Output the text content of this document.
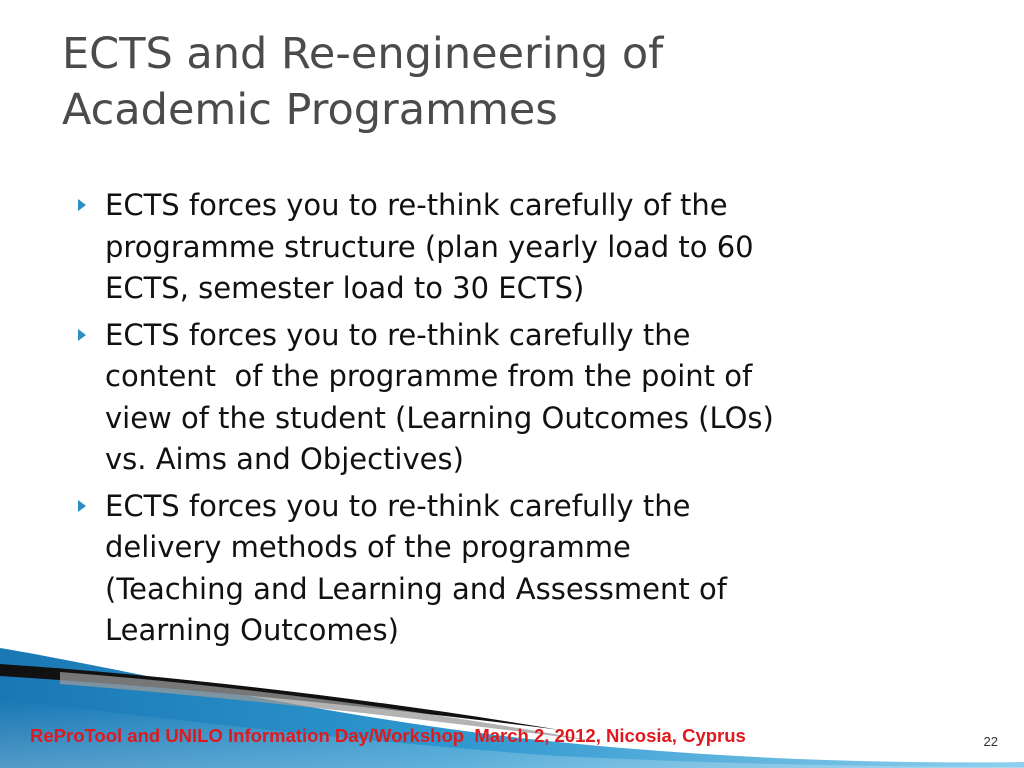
ECTS and Re-engineering of
Academic Programmes
ECTS forces you to re-think carefully of the
programme structure (plan yearly load to 60
ECTS, semester load to 30 ECTS)
ECTS forces you to re-think carefully the
content  of the programme from the point of
view of the student (Learning Outcomes (LOs)
vs. Aims and Objectives)
ECTS forces you to re-think carefully the
delivery methods of the programme
(Teaching and Learning and Assessment of
Learning Outcomes)
ReProTool and UNILO Information Day/Workshop  March 2, 2012, Nicosia, Cyprus	22
